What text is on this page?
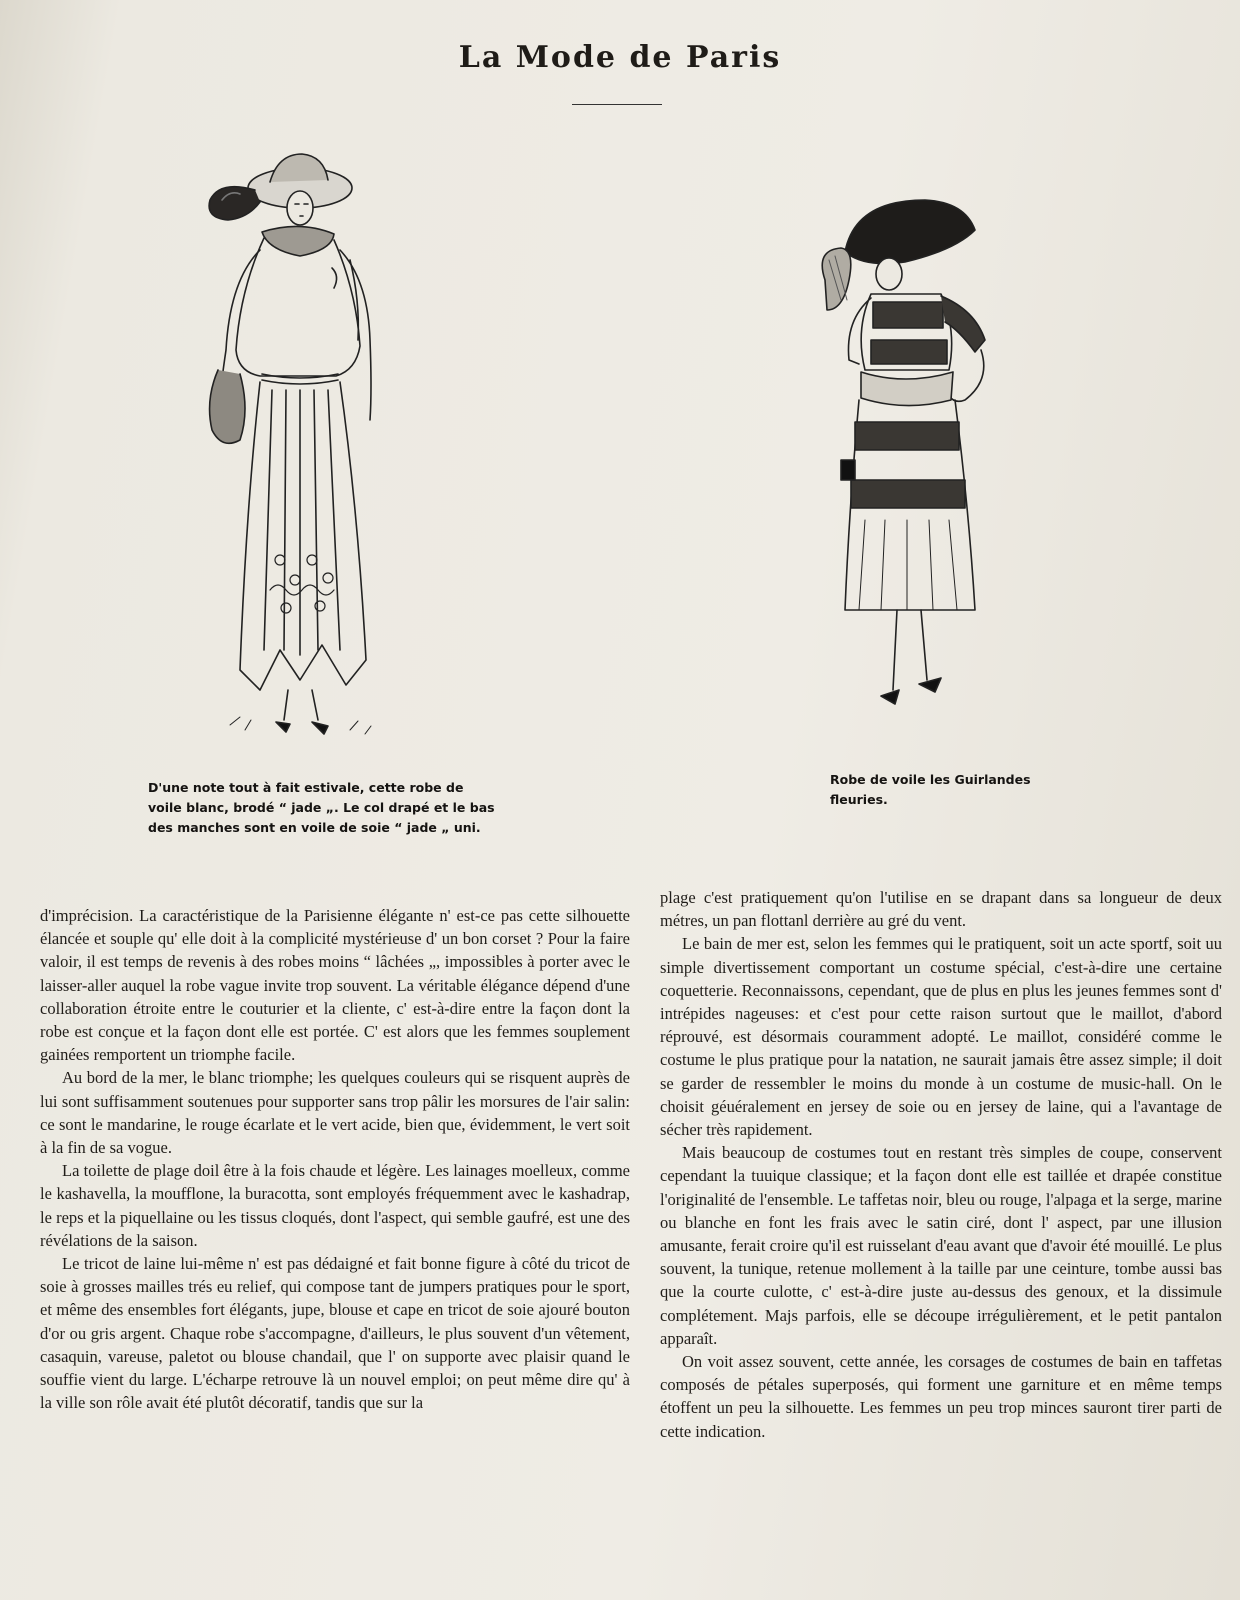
La Mode de Paris

D'une note tout à fait estivale, cette robe de voile blanc, brodé “ jade „. Le col drapé et le bas des manches sont en voile de soie “ jade „ uni.

Robe de voile les Guirlandes fleuries.

d'imprécision. La caractéristique de la Parisienne élégante n' est-ce pas cette silhouette élancée et souple qu' elle doit à la complicité mystérieuse d' un bon corset ? Pour la faire valoir, il est temps de revenis à des robes moins “ lâchées „, impossibles à porter avec le laisser-aller auquel la robe vague invite trop souvent. La véritable élégance dépend d'une collaboration étroite entre le couturier et la cliente, c' est-à-dire entre la façon dont la robe est conçue et la façon dont elle est portée. C' est alors que les femmes souplement gainées remportent un triomphe facile.

Au bord de la mer, le blanc triomphe; les quelques couleurs qui se risquent auprès de lui sont suffisamment soutenues pour supporter sans trop pâlir les morsures de l'air salin: ce sont le mandarine, le rouge écarlate et le vert acide, bien que, évidemment, le vert soit à la fin de sa vogue.

La toilette de plage doil être à la fois chaude et légère. Les lainages moelleux, comme le kashavella, la moufflone, la buracotta, sont employés fréquemment avec le kashadrap, le reps et la piquellaine ou les tissus cloqués, dont l'aspect, qui semble gaufré, est une des révélations de la saison.

Le tricot de laine lui-même n' est pas dédaigné et fait bonne figure à côté du tricot de soie à grosses mailles trés eu relief, qui compose tant de jumpers pratiques pour le sport, et même des ensembles fort élégants, jupe, blouse et cape en tricot de soie ajouré bouton d'or ou gris argent. Chaque robe s'accompagne, d'ailleurs, le plus souvent d'un vêtement, casaquin, vareuse, paletot ou blouse chandail, que l' on supporte avec plaisir quand le souffie vient du large. L'écharpe retrouve là un nouvel emploi; on peut même dire qu' à la ville son rôle avait été plutôt décoratif, tandis que sur la

plage c'est pratiquement qu'on l'utilise en se drapant dans sa longueur de deux métres, un pan flottanl derrière au gré du vent.

Le bain de mer est, selon les femmes qui le pratiquent, soit un acte sportf, soit uu simple divertissement comportant un costume spécial, c'est-à-dire une certaine coquetterie. Reconnaissons, cependant, que de plus en plus les jeunes femmes sont d' intrépides nageuses: et c'est pour cette raison surtout que le maillot, d'abord réprouvé, est désormais couramment adopté. Le maillot, considéré comme le costume le plus pratique pour la natation, ne saurait jamais être assez simple; il doit se garder de ressembler le moins du monde à un costume de music-hall. On le choisit géuéralement en jersey de soie ou en jersey de laine, qui a l'avantage de sécher très rapidement.

Mais beaucoup de costumes tout en restant très simples de coupe, conservent cependant la tuuique classique; et la façon dont elle est taillée et drapée constitue l'originalité de l'ensemble. Le taffetas noir, bleu ou rouge, l'alpaga et la serge, marine ou blanche en font les frais avec le satin ciré, dont l' aspect, par une illusion amusante, ferait croire qu'il est ruisselant d'eau avant que d'avoir été mouillé. Le plus souvent, la tunique, retenue mollement à la taille par une ceinture, tombe aussi bas que la courte culotte, c' est-à-dire juste au-dessus des genoux, et la dissimule complétement. Majs parfois, elle se découpe irrégulièrement, et le petit pantalon apparaît.

On voit assez souvent, cette année, les corsages de costumes de bain en taffetas composés de pétales superposés, qui forment une garniture et en même temps étoffent un peu la silhouette. Les femmes un peu trop minces sauront tirer parti de cette indication.
